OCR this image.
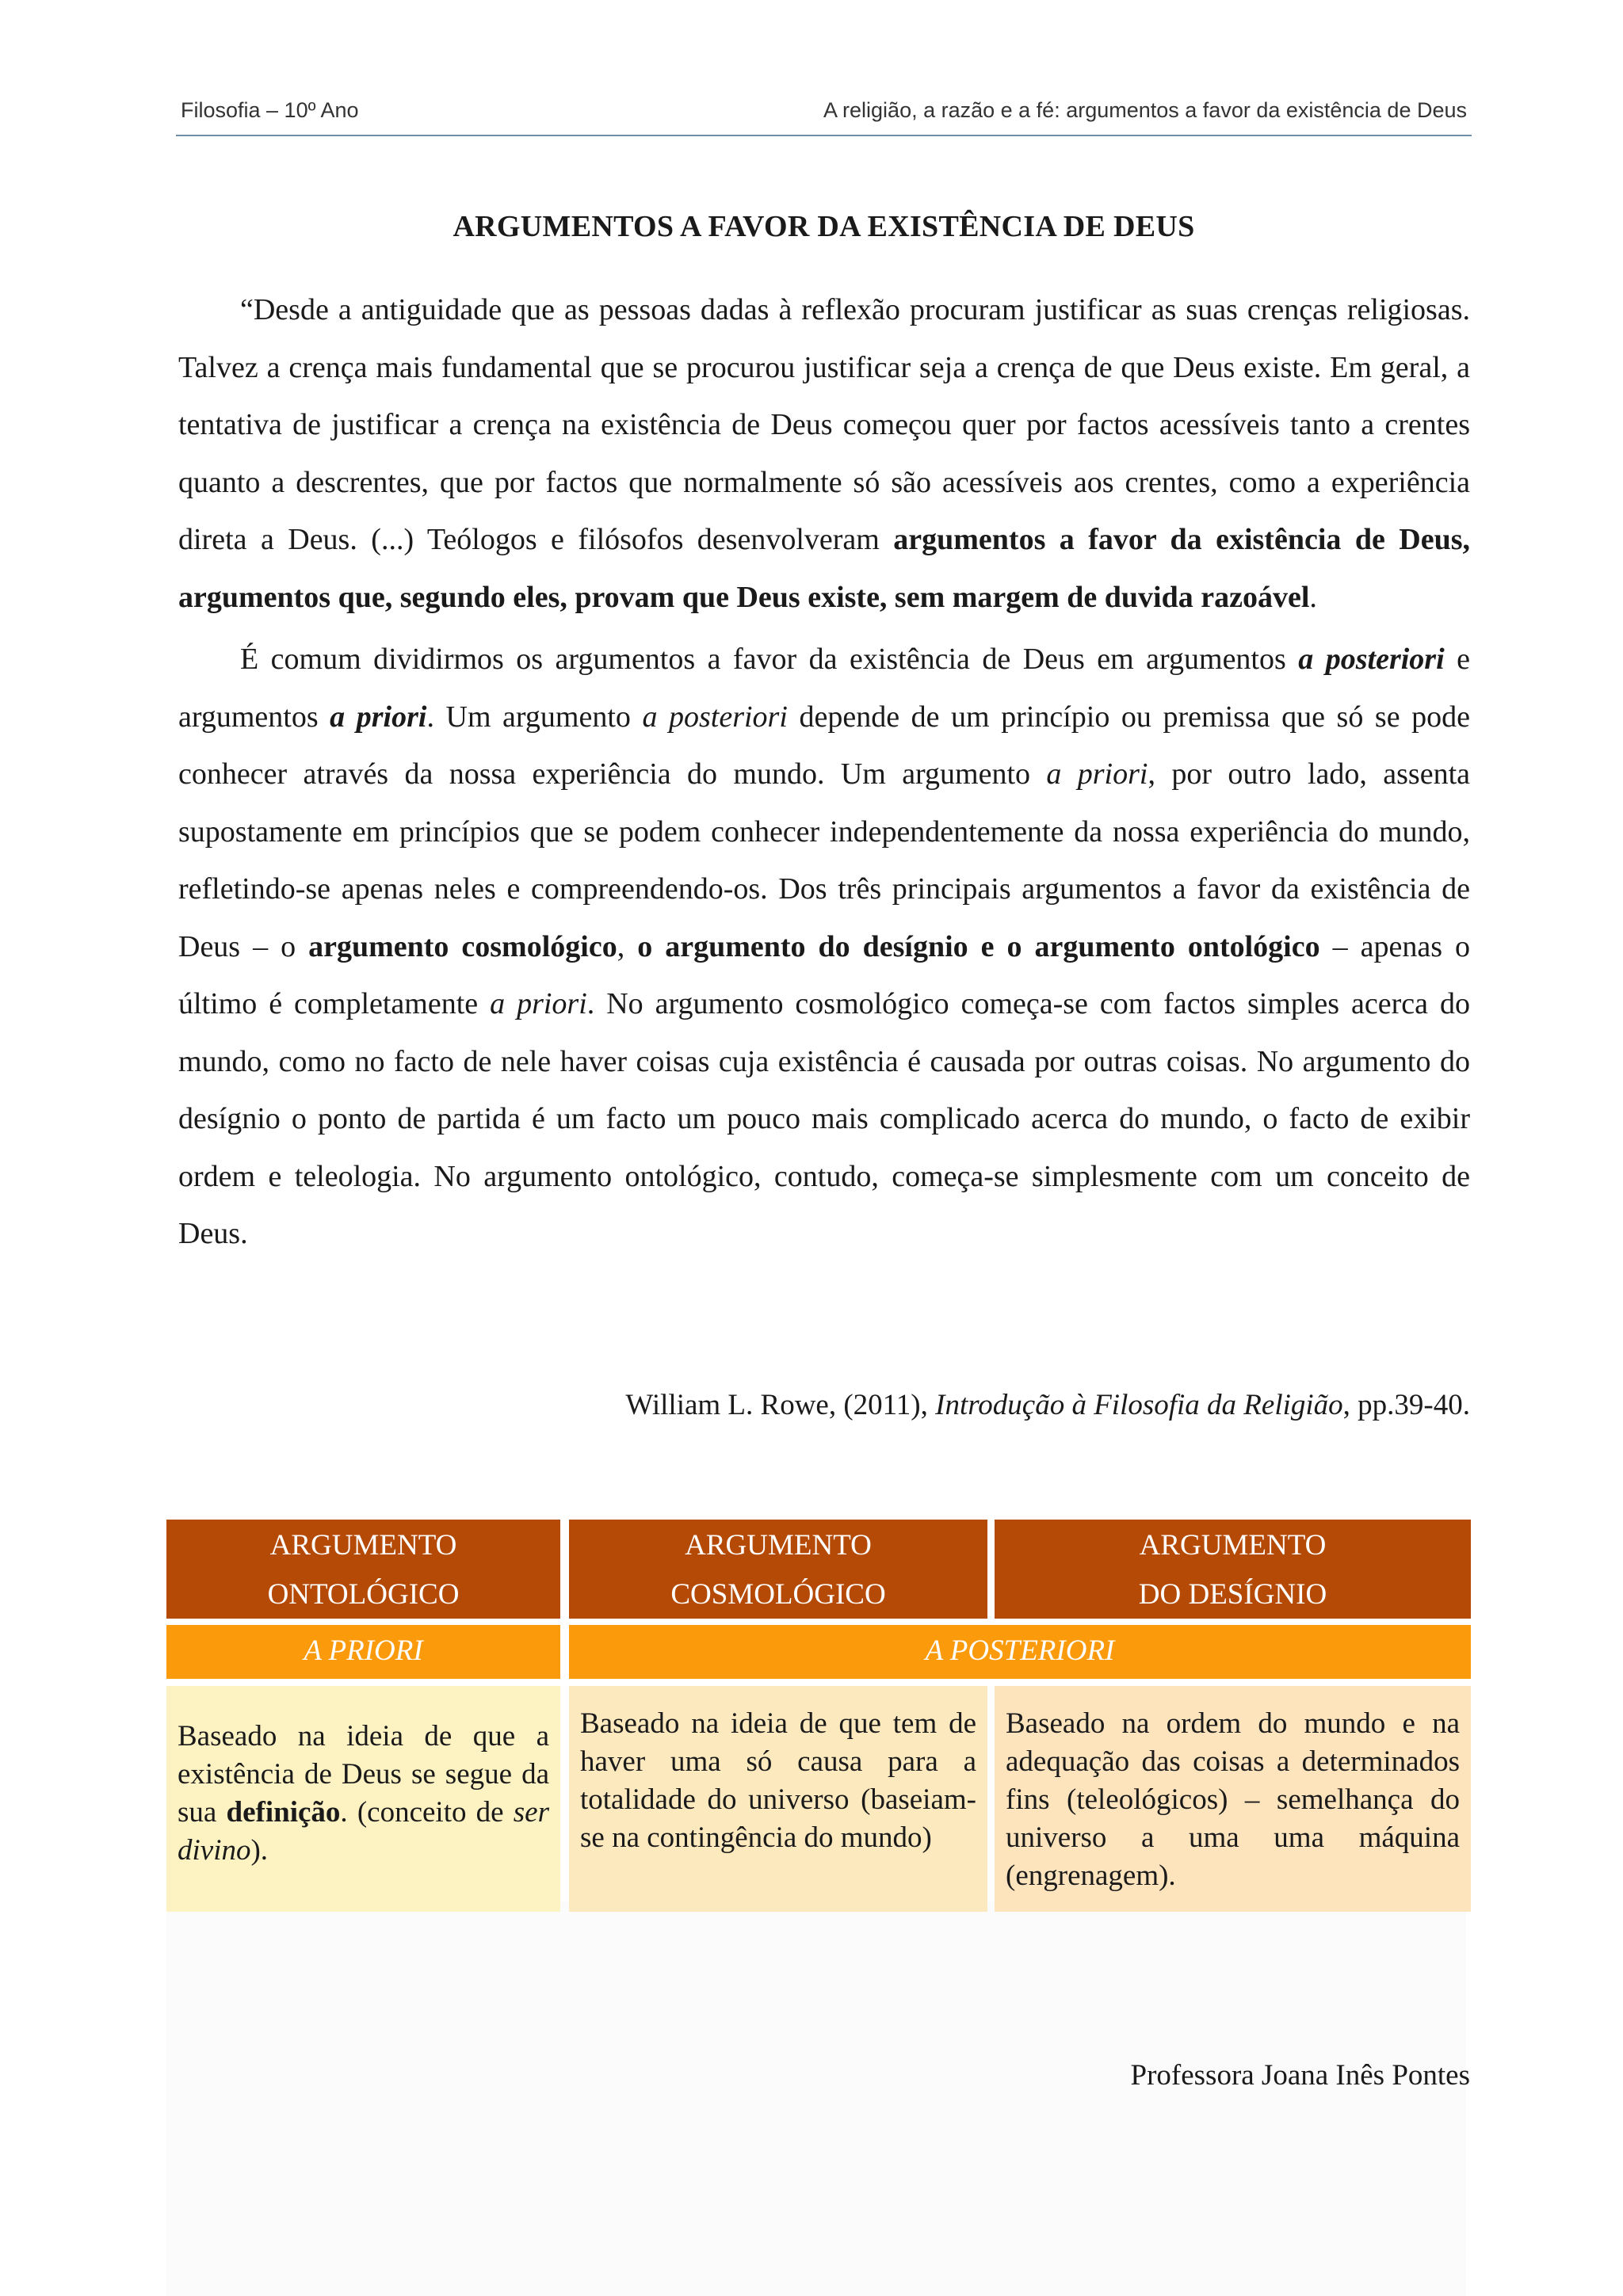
Filosofia – 10º Ano	A religião, a razão e a fé: argumentos a favor da existência de Deus
ARGUMENTOS A FAVOR DA EXISTÊNCIA DE DEUS

“Desde a antiguidade que as pessoas dadas à reflexão procuram justificar as suas crenças religiosas. Talvez a crença mais fundamental que se procurou justificar seja a crença de que Deus existe. Em geral, a tentativa de justificar a crença na existência de Deus começou quer por factos acessíveis tanto a crentes quanto a descrentes, que por factos que normalmente só são acessíveis aos crentes, como a experiência direta a Deus. (...) Teólogos e filósofos desenvolveram argumentos a favor da existência de Deus, argumentos que, segundo eles, provam que Deus existe, sem margem de duvida razoável.

É comum dividirmos os argumentos a favor da existência de Deus em argumentos a posteriori e argumentos a priori. Um argumento a posteriori depende de um princípio ou premissa que só se pode conhecer através da nossa experiência do mundo. Um argumento a priori, por outro lado, assenta supostamente em princípios que se podem conhecer independentemente da nossa experiência do mundo, refletindo-se apenas neles e compreendendo-os. Dos três principais argumentos a favor da existência de Deus – o argumento cosmológico, o argumento do desígnio e o argumento ontológico – apenas o último é completamente a priori. No argumento cosmológico começa-se com factos simples acerca do mundo, como no facto de nele haver coisas cuja existência é causada por outras coisas. No argumento do desígnio o ponto de partida é um facto um pouco mais complicado acerca do mundo, o facto de exibir ordem e teleologia. No argumento ontológico, contudo, começa-se simplesmente com um conceito de Deus.

William L. Rowe, (2011), Introdução à Filosofia da Religião, pp.39-40.
ARGUMENTO
ONTOLÓGICO
ARGUMENTO
COSMOLÓGICO
ARGUMENTO
DO DESÍGNIO
A PRIORI	A POSTERIORI
Baseado na ideia de que a existência de Deus se segue da sua definição. (conceito de ser divino).
Baseado na ideia de que tem de haver uma só causa para a totalidade do universo (baseiam-se na contingência do mundo)
Baseado na ordem do mundo e na adequação das coisas a determinados fins (teleológicos) – semelhança do universo a uma uma máquina (engrenagem).
Professora Joana Inês Pontes
